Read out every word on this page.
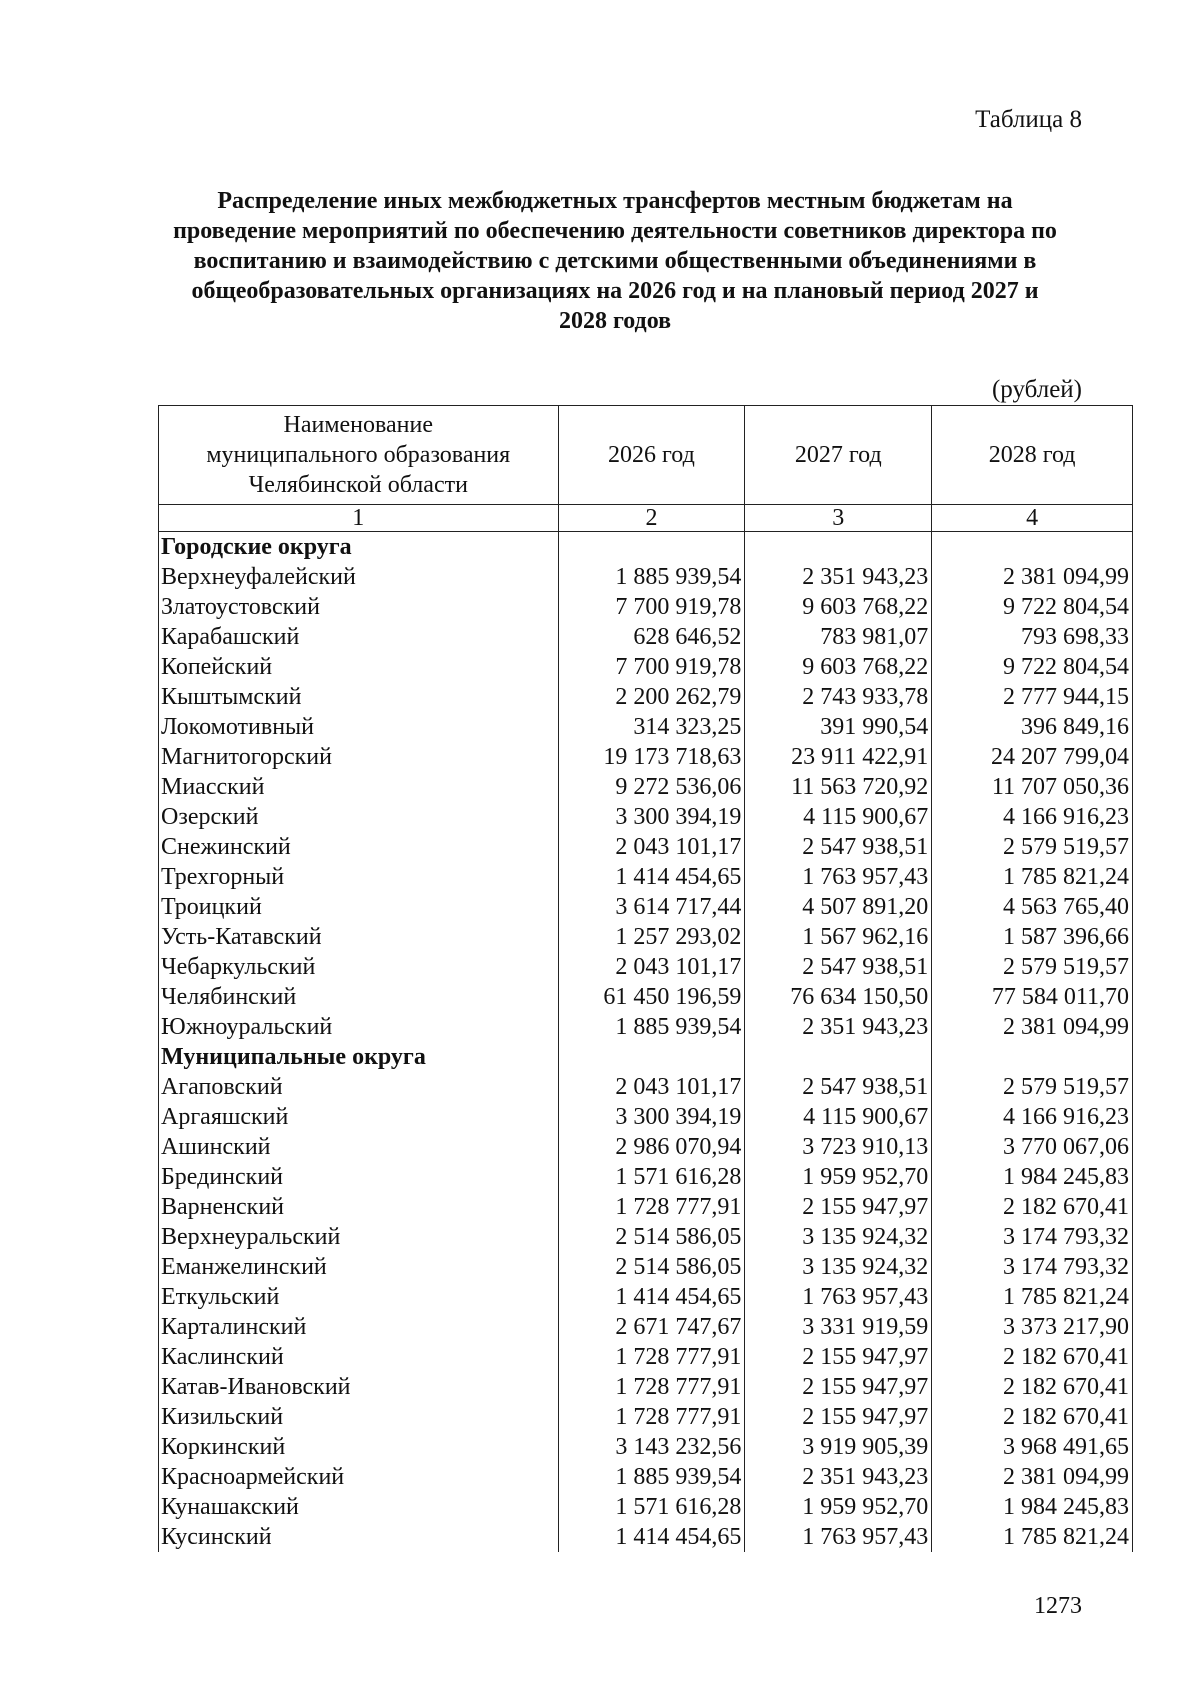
Таблица 8
Распределение иных межбюджетных трансфертов местным бюджетам на
проведение мероприятий по обеспечению деятельности советников директора по
воспитанию и взаимодействию с детскими общественными объединениями в
общеобразовательных организациях на 2026 год и на плановый период 2027 и
2028 годов
(рублей)
Наименование
муниципального образования
Челябинской области	2026 год	2027 год	2028 год
1	2	3	4
Городские округа			
Верхнеуфалейский	1 885 939,54	2 351 943,23	2 381 094,99
Златоустовский	7 700 919,78	9 603 768,22	9 722 804,54
Карабашский	628 646,52	783 981,07	793 698,33
Копейский	7 700 919,78	9 603 768,22	9 722 804,54
Кыштымский	2 200 262,79	2 743 933,78	2 777 944,15
Локомотивный	314 323,25	391 990,54	396 849,16
Магнитогорский	19 173 718,63	23 911 422,91	24 207 799,04
Миасский	9 272 536,06	11 563 720,92	11 707 050,36
Озерский	3 300 394,19	4 115 900,67	4 166 916,23
Снежинский	2 043 101,17	2 547 938,51	2 579 519,57
Трехгорный	1 414 454,65	1 763 957,43	1 785 821,24
Троицкий	3 614 717,44	4 507 891,20	4 563 765,40
Усть-Катавский	1 257 293,02	1 567 962,16	1 587 396,66
Чебаркульский	2 043 101,17	2 547 938,51	2 579 519,57
Челябинский	61 450 196,59	76 634 150,50	77 584 011,70
Южноуральский	1 885 939,54	2 351 943,23	2 381 094,99
Муниципальные округа			
Агаповский	2 043 101,17	2 547 938,51	2 579 519,57
Аргаяшский	3 300 394,19	4 115 900,67	4 166 916,23
Ашинский	2 986 070,94	3 723 910,13	3 770 067,06
Брединский	1 571 616,28	1 959 952,70	1 984 245,83
Варненский	1 728 777,91	2 155 947,97	2 182 670,41
Верхнеуральский	2 514 586,05	3 135 924,32	3 174 793,32
Еманжелинский	2 514 586,05	3 135 924,32	3 174 793,32
Еткульский	1 414 454,65	1 763 957,43	1 785 821,24
Карталинский	2 671 747,67	3 331 919,59	3 373 217,90
Каслинский	1 728 777,91	2 155 947,97	2 182 670,41
Катав-Ивановский	1 728 777,91	2 155 947,97	2 182 670,41
Кизильский	1 728 777,91	2 155 947,97	2 182 670,41
Коркинский	3 143 232,56	3 919 905,39	3 968 491,65
Красноармейский	1 885 939,54	2 351 943,23	2 381 094,99
Кунашакский	1 571 616,28	1 959 952,70	1 984 245,83
Кусинский	1 414 454,65	1 763 957,43	1 785 821,24
1273
